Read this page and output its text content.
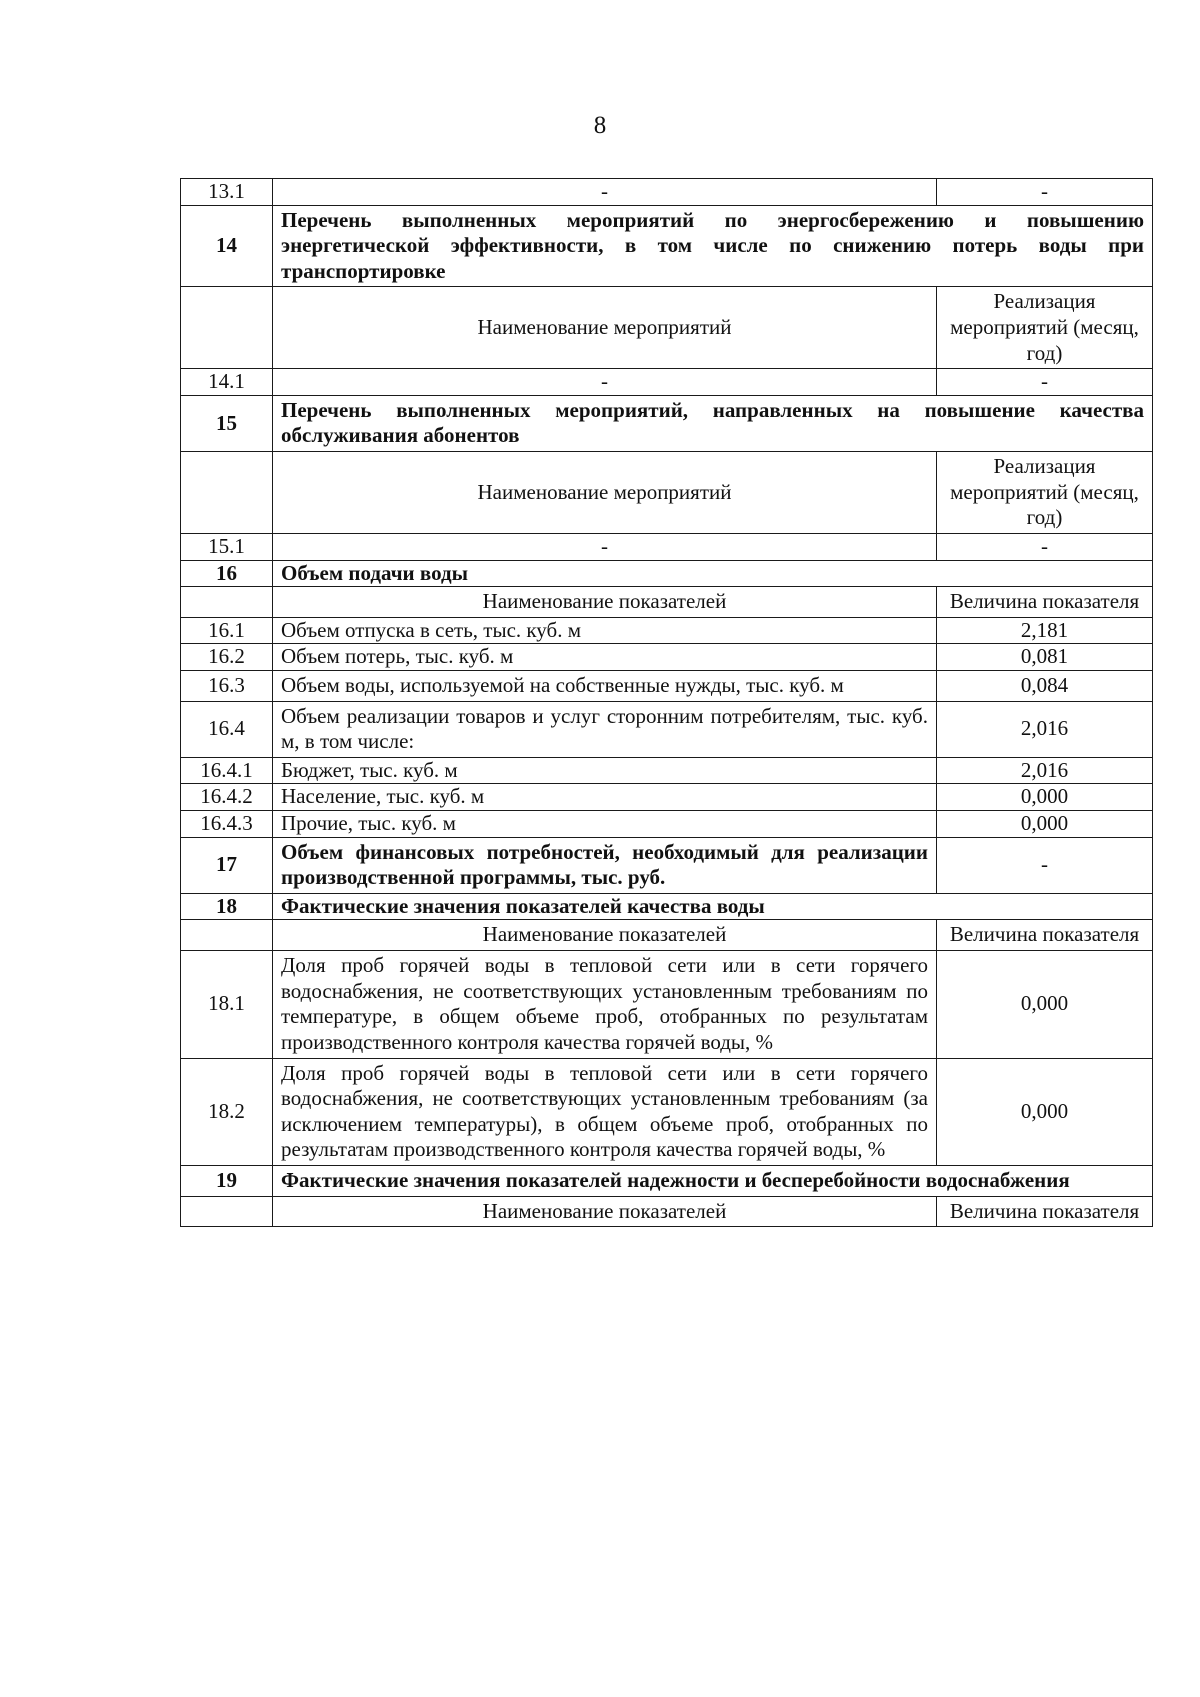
8
13.1	-	-
14	Перечень выполненных мероприятий по энергосбережению и повышению энергетической эффективности, в том числе по снижению потерь воды при транспортировке	
	Наименование мероприятий	Реализация мероприятий (месяц, год)
14.1	-	-
15	Перечень выполненных мероприятий, направленных на повышение качества обслуживания абонентов	
	Наименование мероприятий	Реализация мероприятий (месяц, год)
15.1	-	-
16	Объем подачи воды	
	Наименование показателей	Величина показателя
16.1	Объем отпуска в сеть, тыс. куб. м	2,181
16.2	Объем потерь, тыс. куб. м	0,081
16.3	Объем воды, используемой на собственные нужды, тыс. куб. м	0,084
16.4	Объем реализации товаров и услуг сторонним потребителям, тыс. куб. м, в том числе:	2,016
16.4.1	Бюджет, тыс. куб. м	2,016
16.4.2	Население, тыс. куб. м	0,000
16.4.3	Прочие, тыс. куб. м	0,000
17	Объем финансовых потребностей, необходимый для реализации производственной программы, тыс. руб.	-
18	Фактические значения показателей качества воды	
	Наименование показателей	Величина показателя
18.1	Доля проб горячей воды в тепловой сети или в сети горячего водоснабжения, не соответствующих установленным требованиям по температуре, в общем объеме проб, отобранных по результатам производственного контроля качества горячей воды, %	0,000
18.2	Доля проб горячей воды в тепловой сети или в сети горячего водоснабжения, не соответствующих установленным требованиям (за исключением температуры), в общем объеме проб, отобранных по результатам производственного контроля качества горячей воды, %	0,000
19	Фактические значения показателей надежности и бесперебойности водоснабжения	
	Наименование показателей	Величина показателя
